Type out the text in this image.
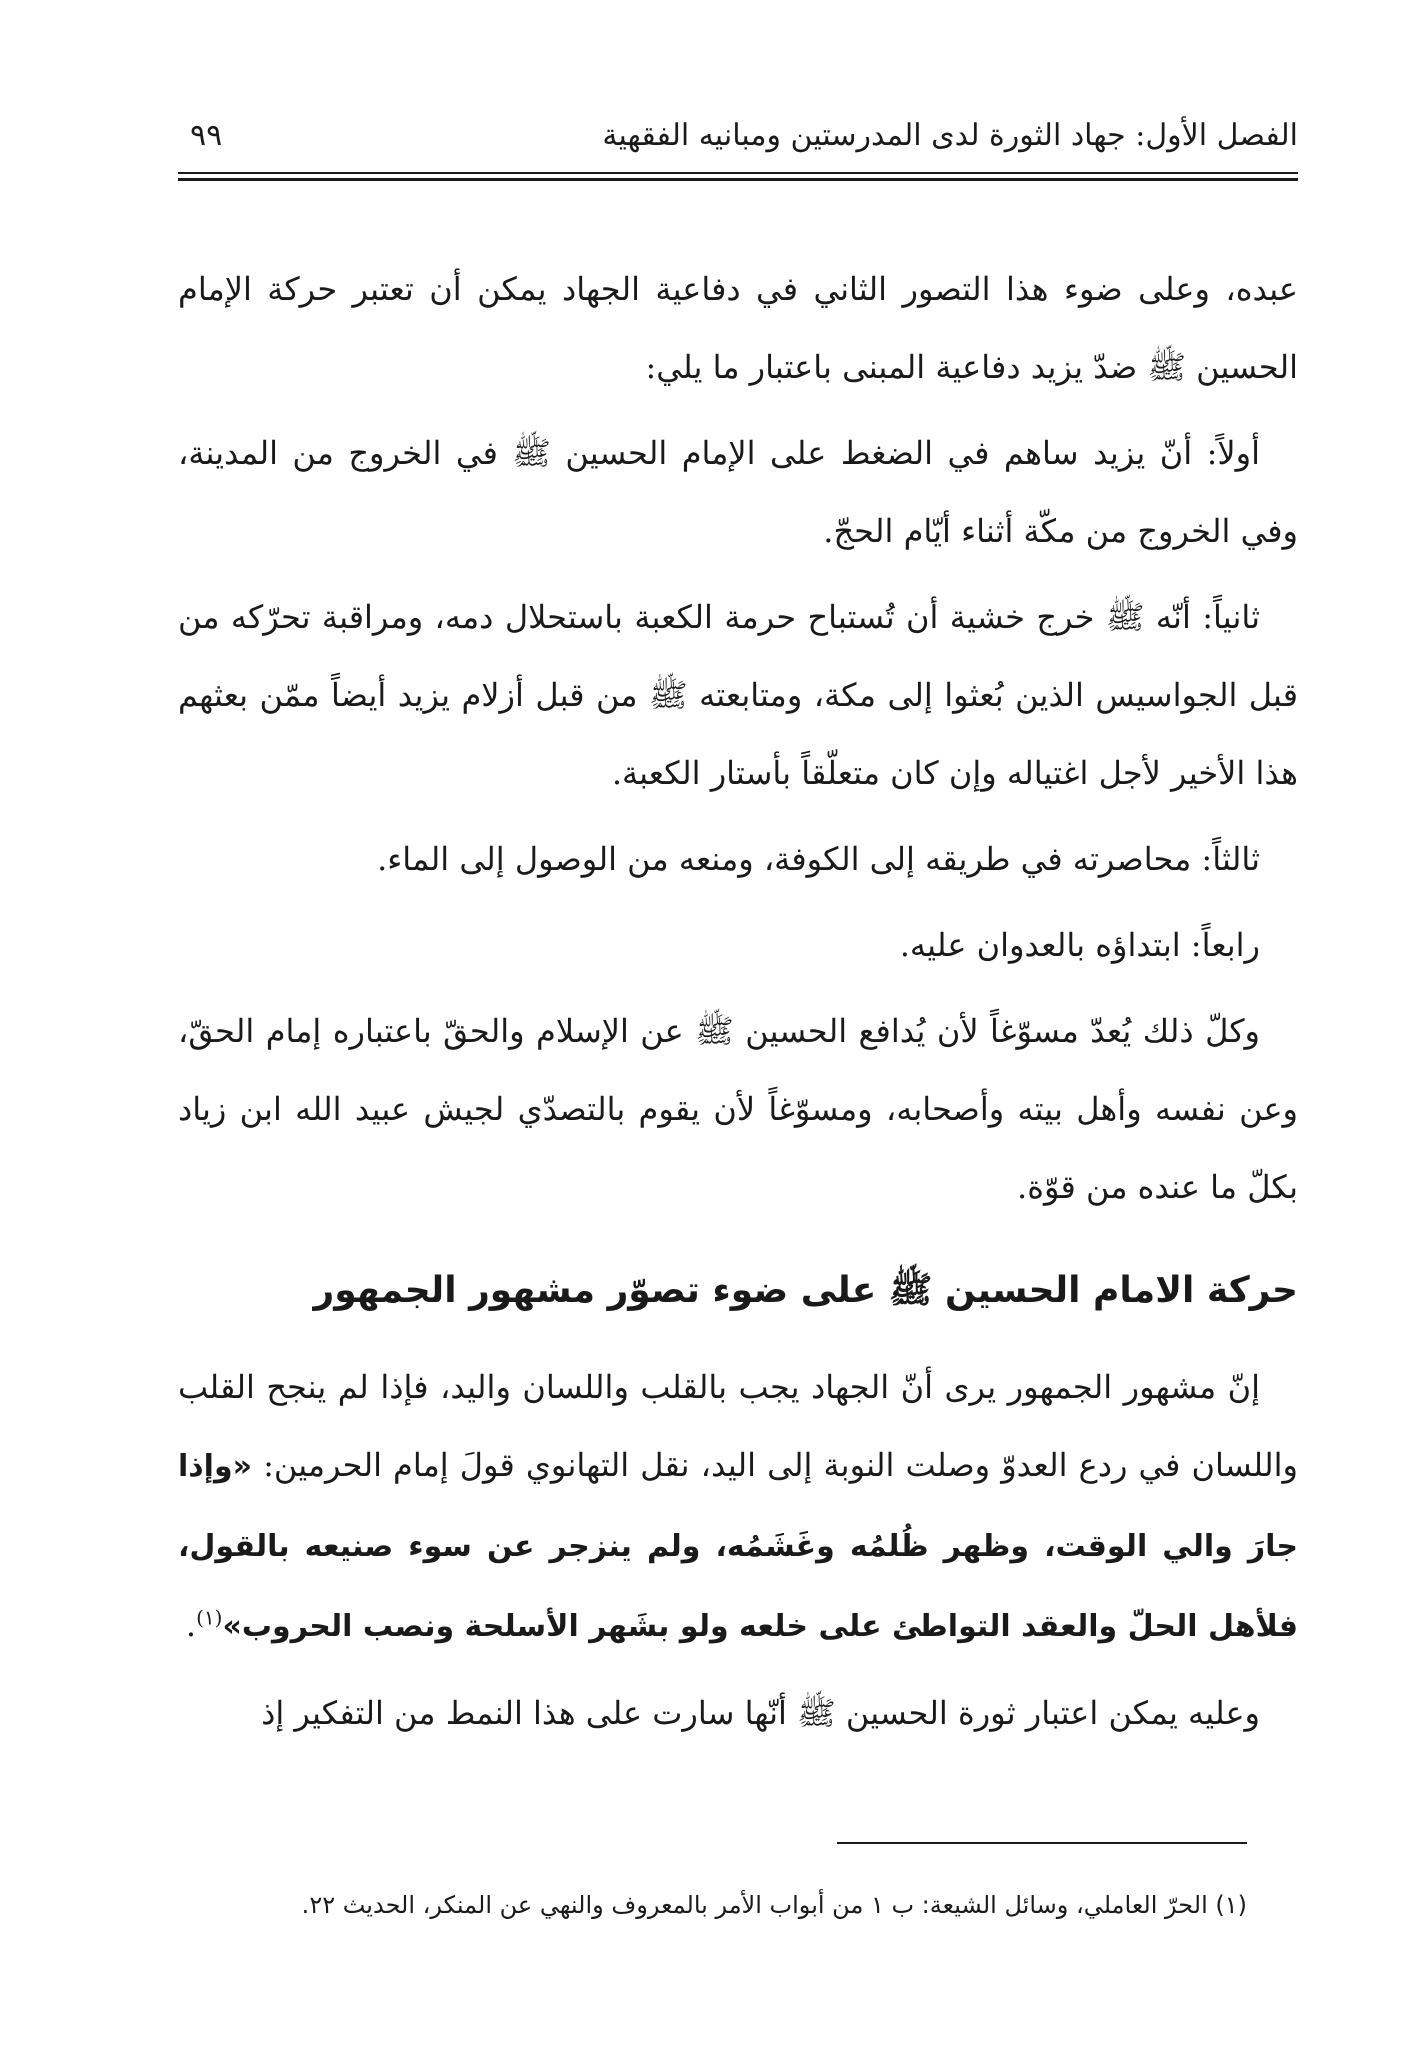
الفصل الأول: جهاد الثورة لدى المدرستين ومبانيه الفقهية
٩٩

عبده، وعلى ضوء هذا التصور الثاني في دفاعية الجهاد يمكن أن تعتبر حركة الإمام الحسين ﷺ ضدّ يزيد دفاعية المبنى باعتبار ما يلي:

أولاً: أنّ يزيد ساهم في الضغط على الإمام الحسين ﷺ في الخروج من المدينة، وفي الخروج من مكّة أثناء أيّام الحجّ.

ثانياً: أنّه ﷺ خرج خشية أن تُستباح حرمة الكعبة باستحلال دمه، ومراقبة تحرّكه من قبل الجواسيس الذين بُعثوا إلى مكة، ومتابعته ﷺ من قبل أزلام يزيد أيضاً ممّن بعثهم هذا الأخير لأجل اغتياله وإن كان متعلّقاً بأستار الكعبة.

ثالثاً: محاصرته في طريقه إلى الكوفة، ومنعه من الوصول إلى الماء.

رابعاً: ابتداؤه بالعدوان عليه.

وكلّ ذلك يُعدّ مسوّغاً لأن يُدافع الحسين ﷺ عن الإسلام والحقّ باعتباره إمام الحقّ، وعن نفسه وأهل بيته وأصحابه، ومسوّغاً لأن يقوم بالتصدّي لجيش عبيد الله ابن زياد بكلّ ما عنده من قوّة.

حركة الامام الحسين ﷺ على ضوء تصوّر مشهور الجمهور

إنّ مشهور الجمهور يرى أنّ الجهاد يجب بالقلب واللسان واليد، فإذا لم ينجح القلب واللسان في ردع العدوّ وصلت النوبة إلى اليد، نقل التهانوي قولَ إمام الحرمين: «وإذا جارَ والي الوقت، وظهر ظُلمُه وغَشَمُه، ولم ينزجر عن سوء صنيعه بالقول، فلأهل الحلّ والعقد التواطئ على خلعه ولو بشَهر الأسلحة ونصب الحروب»$^{(١)}$.

وعليه يمكن اعتبار ثورة الحسين ﷺ أنّها سارت على هذا النمط من التفكير إذ

(١) الحرّ العاملي، وسائل الشيعة: ب ١ من أبواب الأمر بالمعروف والنهي عن المنكر، الحديث ٢٢.
